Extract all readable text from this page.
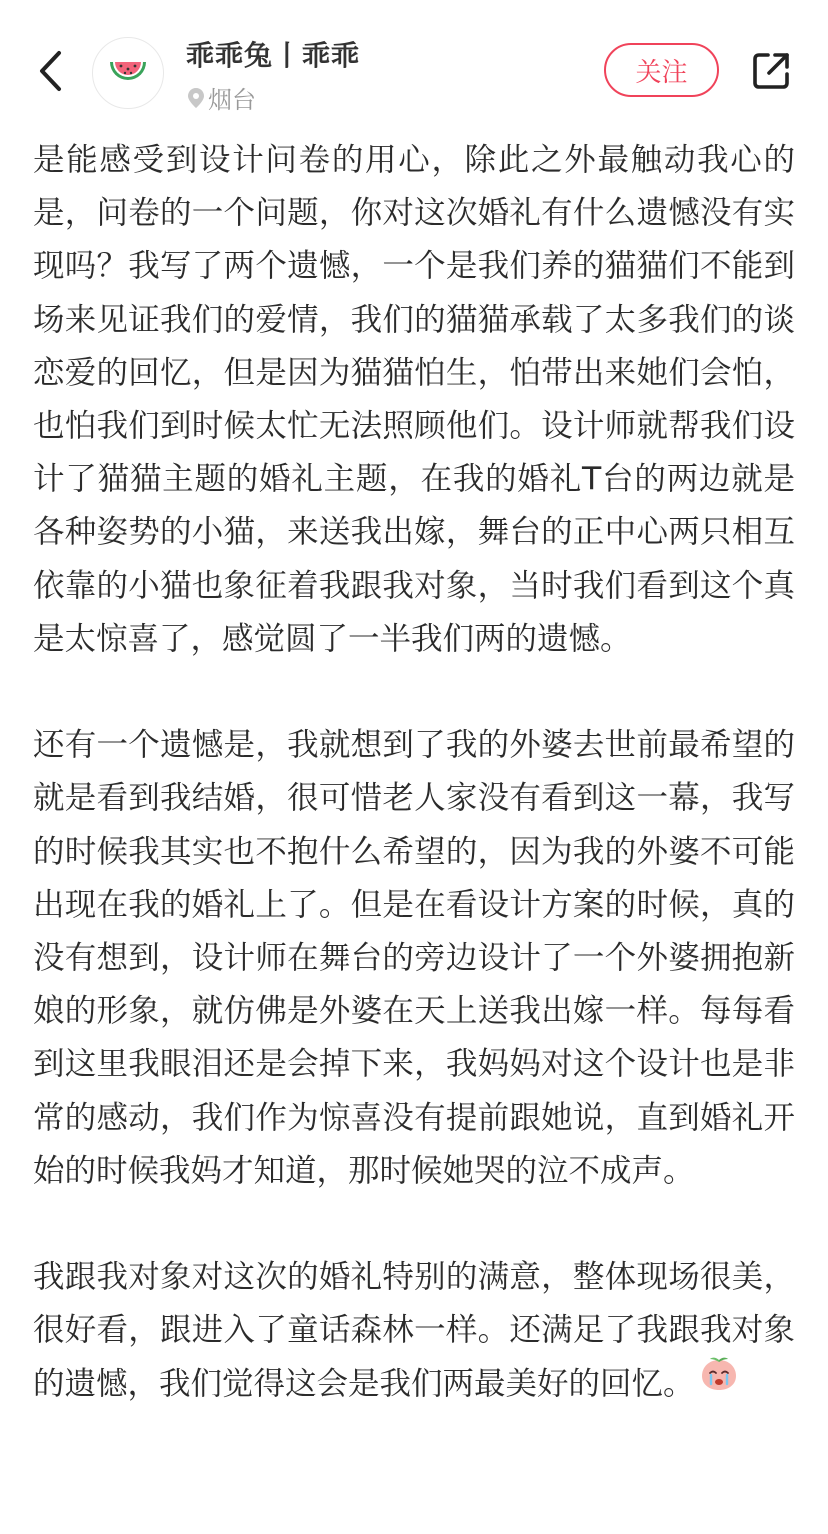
乖乖兔丨乖乖
烟台
关注

是能感受到设计问卷的用心，除此之外最触动我心的是，问卷的一个问题，你对这次婚礼有什么遗憾没有实现吗？我写了两个遗憾，一个是我们养的猫猫们不能到场来见证我们的爱情，我们的猫猫承载了太多我们的谈恋爱的回忆，但是因为猫猫怕生，怕带出来她们会怕，也怕我们到时候太忙无法照顾他们。设计师就帮我们设计了猫猫主题的婚礼主题，在我的婚礼T台的两边就是各种姿势的小猫，来送我出嫁，舞台的正中心两只相互依靠的小猫也象征着我跟我对象，当时我们看到这个真是太惊喜了，感觉圆了一半我们两的遗憾。

还有一个遗憾是，我就想到了我的外婆去世前最希望的就是看到我结婚，很可惜老人家没有看到这一幕，我写的时候我其实也不抱什么希望的，因为我的外婆不可能出现在我的婚礼上了。但是在看设计方案的时候，真的没有想到，设计师在舞台的旁边设计了一个外婆拥抱新娘的形象，就仿佛是外婆在天上送我出嫁一样。每每看到这里我眼泪还是会掉下来，我妈妈对这个设计也是非常的感动，我们作为惊喜没有提前跟她说，直到婚礼开始的时候我妈才知道，那时候她哭的泣不成声。

我跟我对象对这次的婚礼特别的满意，整体现场很美，很好看，跟进入了童话森林一样。还满足了我跟我对象的遗憾，我们觉得这会是我们两最美好的回忆。
